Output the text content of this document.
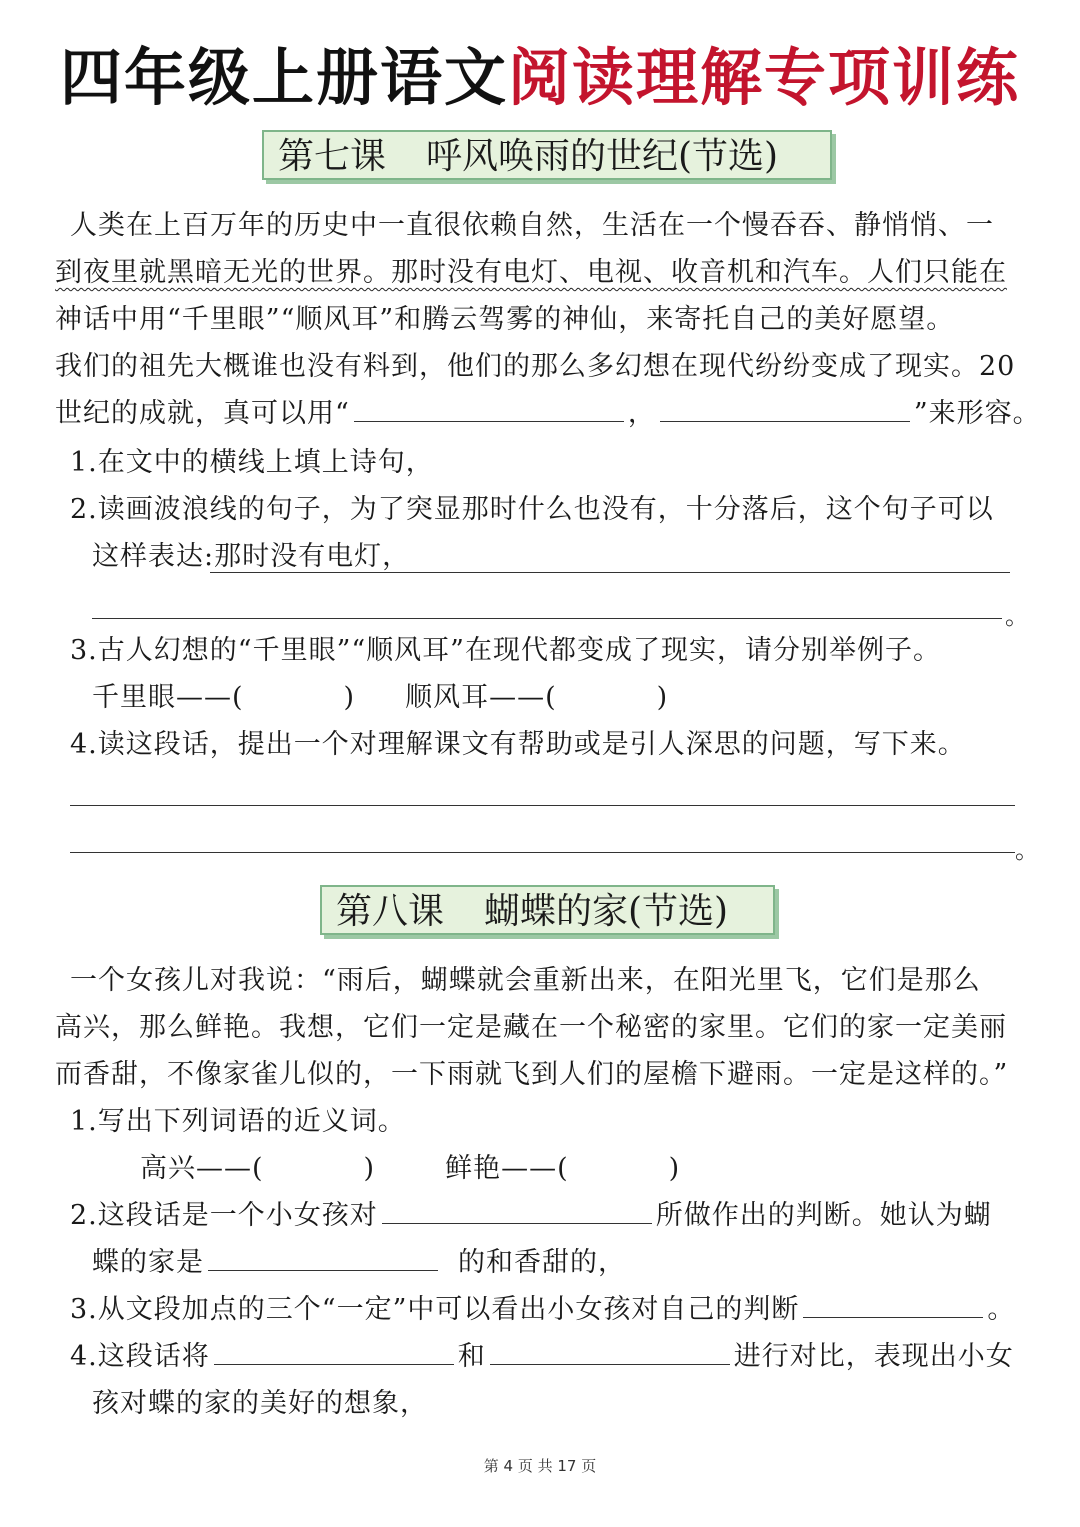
四年级上册语文阅读理解专项训练
第七课 呼风唤雨的世纪(节选)
人类在上百万年的历史中一直很依赖自然，生活在一个慢吞吞、静悄悄、一
到夜里就黑暗无光的世界。那时没有电灯、电视、收音机和汽车。人们只能在
神话中用“千里眼”“顺风耳”和腾云驾雾的神仙，来寄托自己的美好愿望。
我们的祖先大概谁也没有料到，他们的那么多幻想在现代纷纷变成了现实。20
世纪的成就，真可以用“	，	”来形容。
1.在文中的横线上填上诗句，
2.读画波浪线的句子，为了突显那时什么也没有，十分落后，这个句子可以
这样表达:那时没有电灯，
。
3.古人幻想的“千里眼”“顺风耳”在现代都变成了现实，请分别举例子。
千里眼——(	) 顺风耳——(	)
4.读这段话，提出一个对理解课文有帮助或是引人深思的问题，写下来。
。
第八课 蝴蝶的家(节选)
一个女孩儿对我说：“雨后，蝴蝶就会重新出来，在阳光里飞，它们是那么
高兴，那么鲜艳。我想，它们一定是藏在一个秘密的家里。它们的家一定美丽
而香甜，不像家雀儿似的，一下雨就飞到人们的屋檐下避雨。一定是这样的。”
1.写出下列词语的近义词。
高兴——(	)	鲜艳——(	)
2.这段话是一个小女孩对	所做作出的判断。她认为蝴
蝶的家是	的和香甜的，
3.从文段加点的三个“一定”中可以看出小女孩对自己的判断	。
4.这段话将	和	进行对比，表现出小女
孩对蝶的家的美好的想象，
第 4 页 共 17 页
